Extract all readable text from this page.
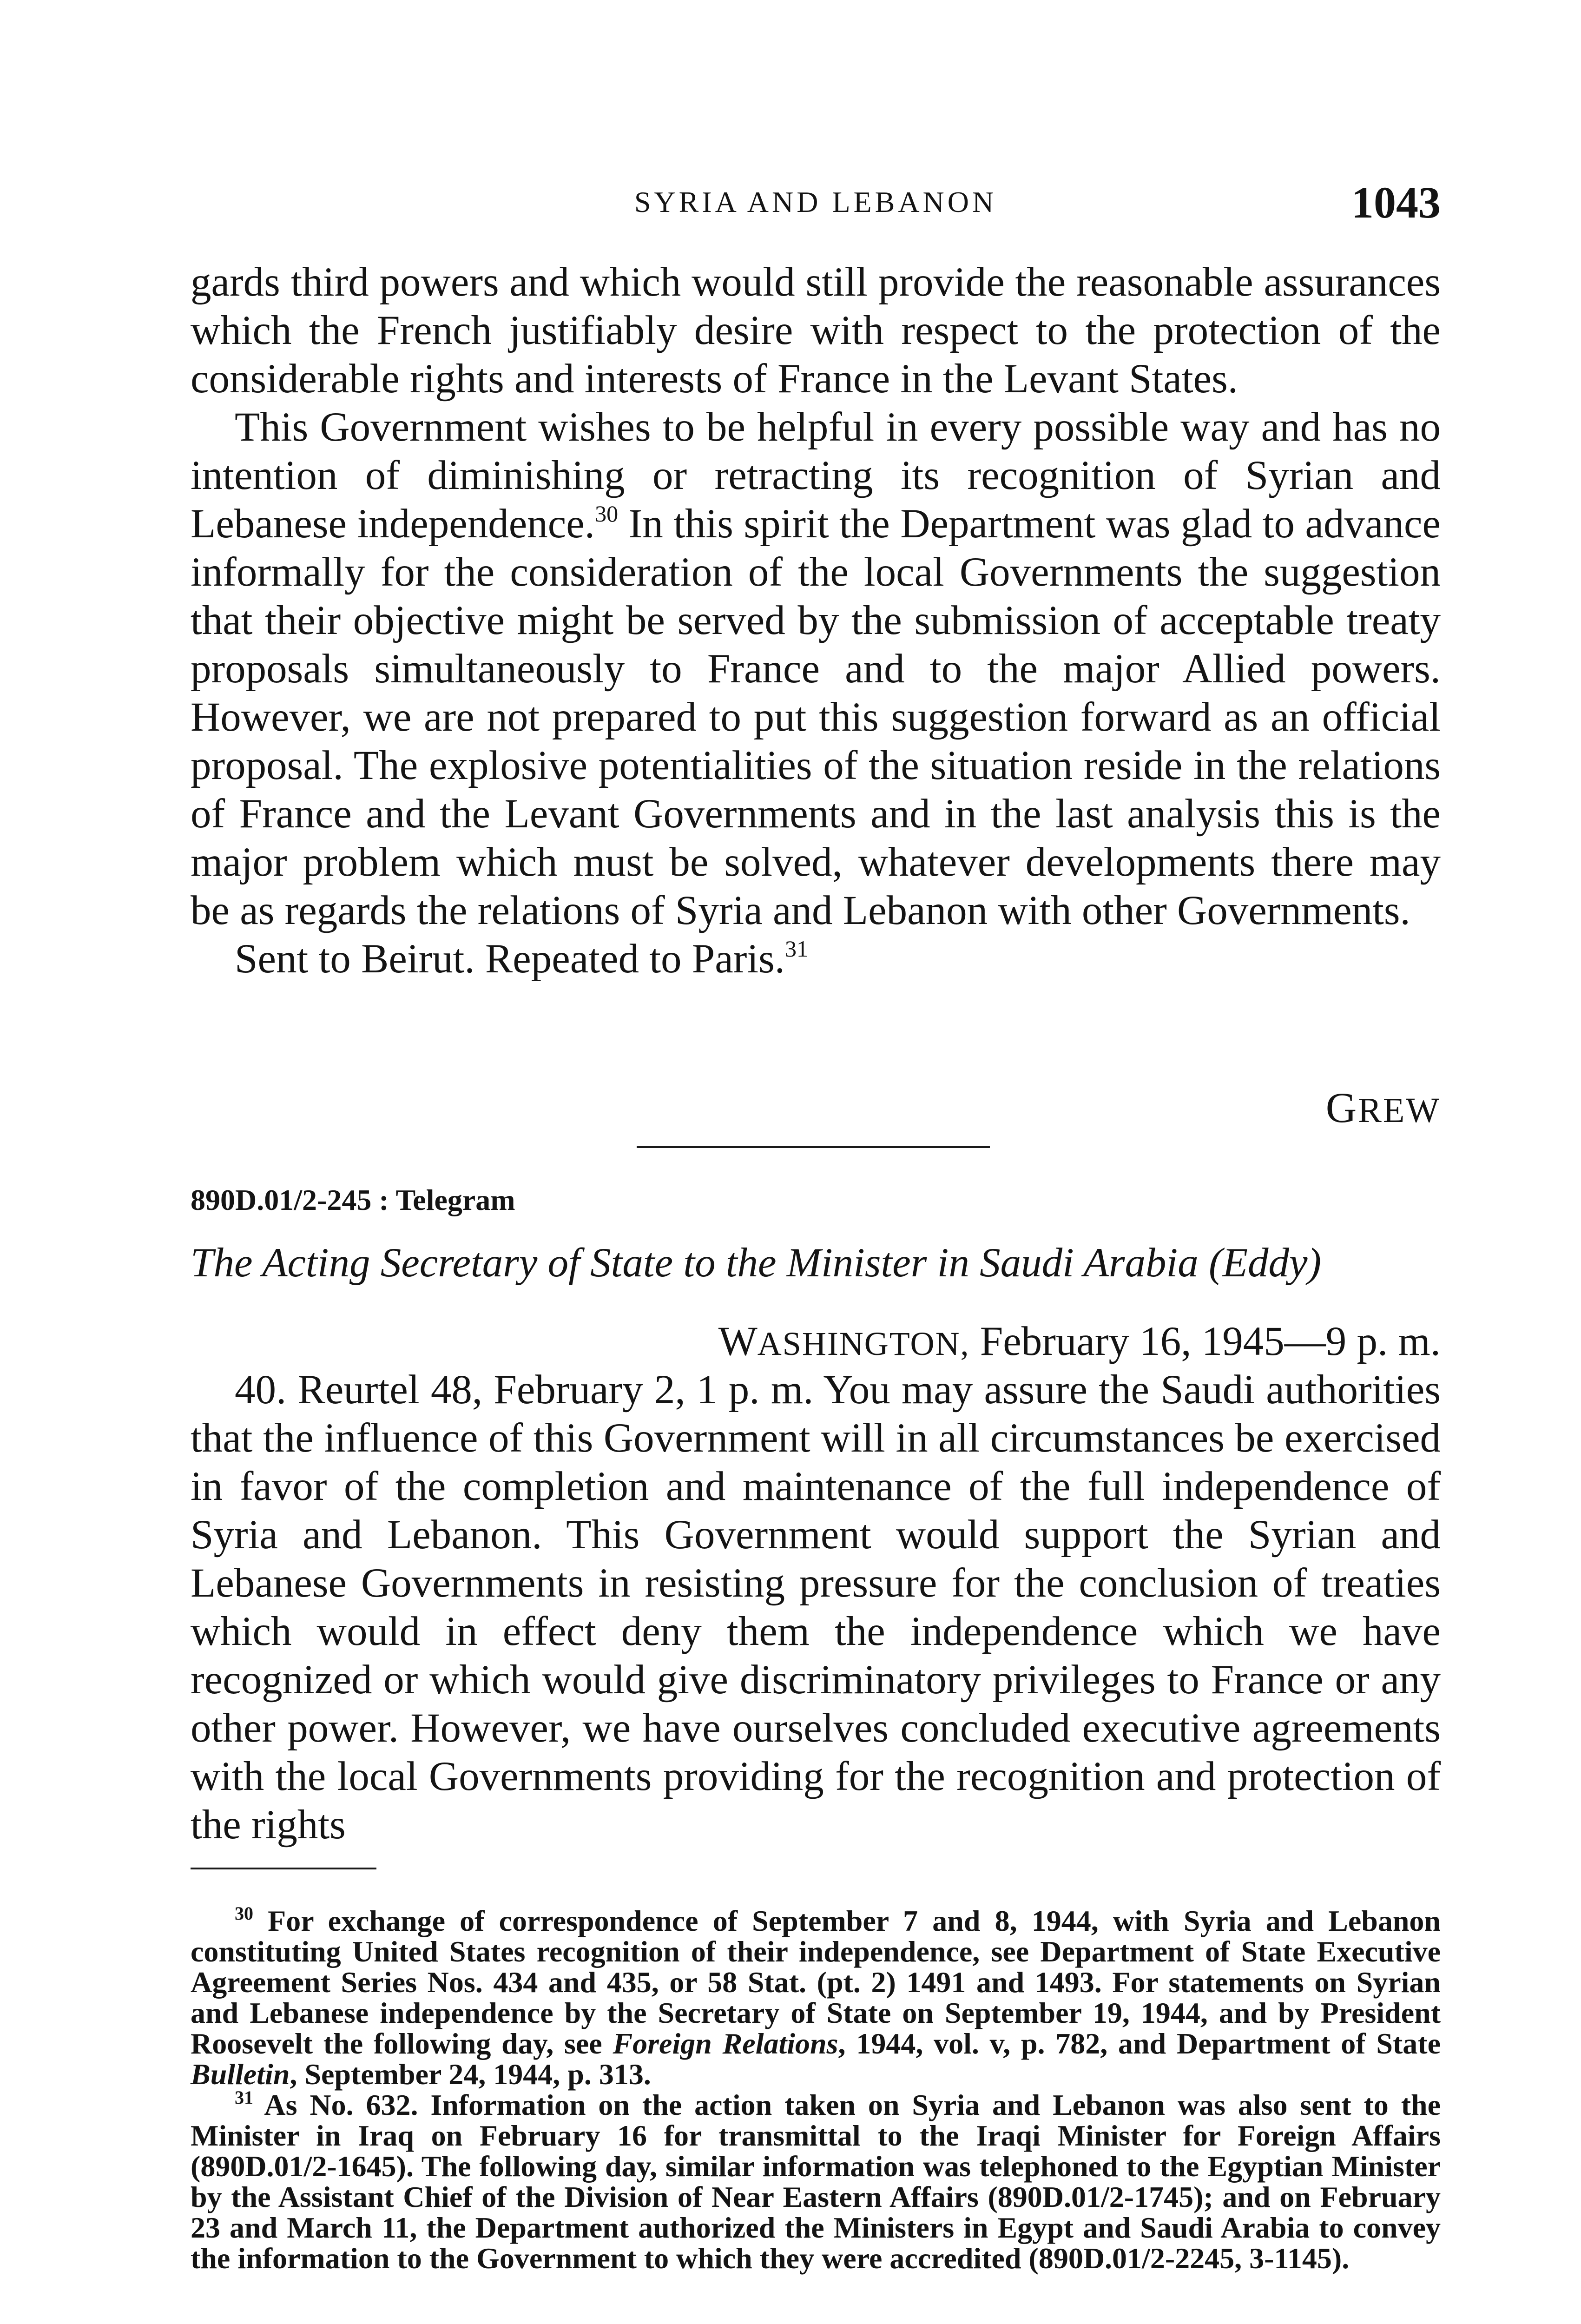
SYRIA AND LEBANON	1043

gards third powers and which would still provide the reasonable assurances which the French justifiably desire with respect to the protection of the considerable rights and interests of France in the Levant States.

This Government wishes to be helpful in every possible way and has no intention of diminishing or retracting its recognition of Syrian and Lebanese independence.$^{30}$ In this spirit the Department was glad to advance informally for the consideration of the local Governments the suggestion that their objective might be served by the submission of acceptable treaty proposals simultaneously to France and to the major Allied powers. However, we are not prepared to put this suggestion forward as an official proposal. The explosive potentialities of the situation reside in the relations of France and the Levant Governments and in the last analysis this is the major problem which must be solved, whatever developments there may be as regards the relations of Syria and Lebanon with other Governments.

Sent to Beirut. Repeated to Paris.$^{31}$

GREW

890D.01/2-245 : Telegram

The Acting Secretary of State to the Minister in Saudi Arabia (Eddy)

WASHINGTON, February 16, 1945—9 p. m.

40. Reurtel 48, February 2, 1 p. m. You may assure the Saudi authorities that the influence of this Government will in all circumstances be exercised in favor of the completion and maintenance of the full independence of Syria and Lebanon. This Government would support the Syrian and Lebanese Governments in resisting pressure for the conclusion of treaties which would in effect deny them the independence which we have recognized or which would give discriminatory privileges to France or any other power. However, we have ourselves concluded executive agreements with the local Governments providing for the recognition and protection of the rights

$^{30}$ For exchange of correspondence of September 7 and 8, 1944, with Syria and Lebanon constituting United States recognition of their independence, see Department of State Executive Agreement Series Nos. 434 and 435, or 58 Stat. (pt. 2) 1491 and 1493. For statements on Syrian and Lebanese independence by the Secretary of State on September 19, 1944, and by President Roosevelt the following day, see Foreign Relations, 1944, vol. v, p. 782, and Department of State Bulletin, September 24, 1944, p. 313.

$^{31}$ As No. 632. Information on the action taken on Syria and Lebanon was also sent to the Minister in Iraq on February 16 for transmittal to the Iraqi Minister for Foreign Affairs (890D.01/2-1645). The following day, similar information was telephoned to the Egyptian Minister by the Assistant Chief of the Division of Near Eastern Affairs (890D.01/2-1745); and on February 23 and March 11, the Department authorized the Ministers in Egypt and Saudi Arabia to convey the information to the Government to which they were accredited (890D.01/2-2245, 3-1145).
